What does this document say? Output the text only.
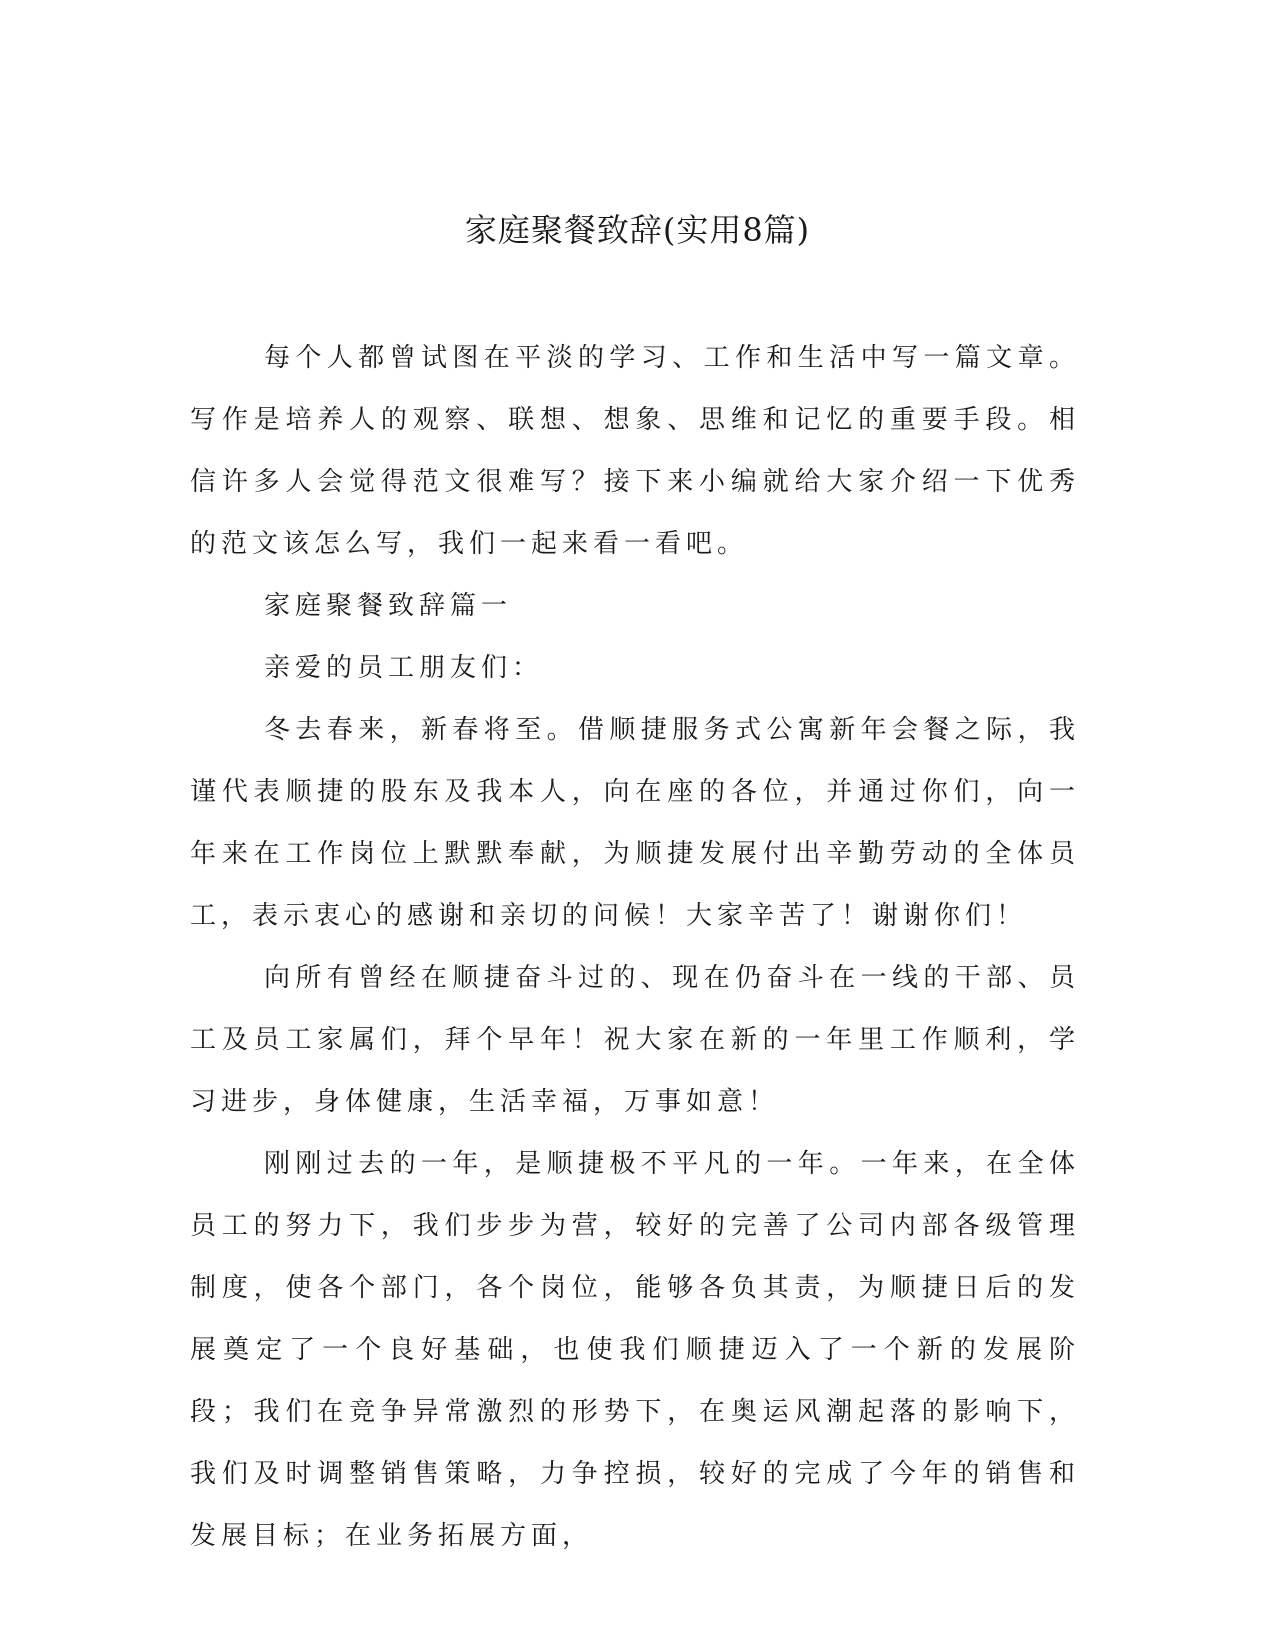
家庭聚餐致辞(实用8篇)

每个人都曾试图在平淡的学习、工作和生活中写一篇文章。写作是培养人的观察、联想、想象、思维和记忆的重要手段。相信许多人会觉得范文很难写？接下来小编就给大家介绍一下优秀的范文该怎么写，我们一起来看一看吧。

家庭聚餐致辞篇一

亲爱的员工朋友们：

冬去春来，新春将至。借顺捷服务式公寓新年会餐之际，我谨代表顺捷的股东及我本人，向在座的各位，并通过你们，向一年来在工作岗位上默默奉献，为顺捷发展付出辛勤劳动的全体员工，表示衷心的感谢和亲切的问候！大家辛苦了！谢谢你们！

向所有曾经在顺捷奋斗过的、现在仍奋斗在一线的干部、员工及员工家属们，拜个早年！祝大家在新的一年里工作顺利，学习进步，身体健康，生活幸福，万事如意！

刚刚过去的一年，是顺捷极不平凡的一年。一年来，在全体员工的努力下，我们步步为营，较好的完善了公司内部各级管理制度，使各个部门，各个岗位，能够各负其责，为顺捷日后的发展奠定了一个良好基础，也使我们顺捷迈入了一个新的发展阶段；我们在竞争异常激烈的形势下，在奥运风潮起落的影响下，我们及时调整销售策略，力争控损，较好的完成了今年的销售和发展目标；在业务拓展方面，
